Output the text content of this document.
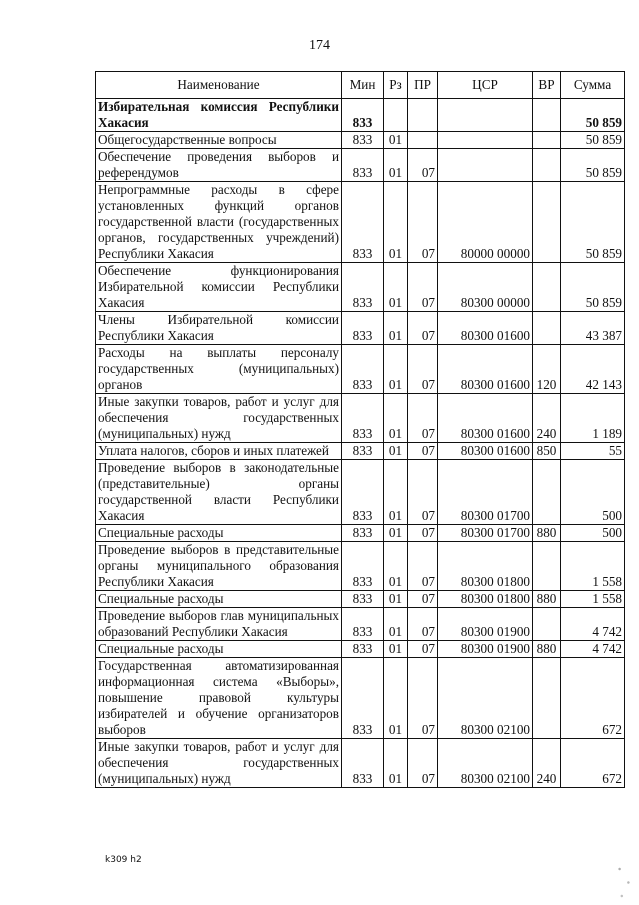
174
Наименование	Мин	Рз	ПР	ЦСР	ВР	Сумма
Избирательная комиссия Республики Хакасия	833					50 859
Общегосударственные вопросы	833	01				50 859
Обеспечение проведения выборов и референдумов	833	01	07			50 859
Непрограммные расходы в сфере установленных функций органов государственной власти (государственных органов, государственных учреждений) Республики Хакасия	833	01	07	80000 00000		50 859
Обеспечение функционирования Избирательной комиссии Республики Хакасия	833	01	07	80300 00000		50 859
Члены Избирательной комиссии Республики Хакасия	833	01	07	80300 01600		43 387
Расходы на выплаты персоналу государственных (муниципальных) органов	833	01	07	80300 01600	120	42 143
Иные закупки товаров, работ и услуг для обеспечения государственных (муниципальных) нужд	833	01	07	80300 01600	240	1 189
Уплата налогов, сборов и иных платежей	833	01	07	80300 01600	850	55
Проведение выборов в законодательные (представительные) органы государственной власти Республики Хакасия	833	01	07	80300 01700		500
Специальные расходы	833	01	07	80300 01700	880	500
Проведение выборов в представительные органы муниципального образования Республики Хакасия	833	01	07	80300 01800		1 558
Специальные расходы	833	01	07	80300 01800	880	1 558
Проведение выборов глав муниципальных образований Республики Хакасия	833	01	07	80300 01900		4 742
Специальные расходы	833	01	07	80300 01900	880	4 742
Государственная автоматизированная информационная система «Выборы», повышение правовой культуры избирателей и обучение организаторов выборов	833	01	07	80300 02100		672
Иные закупки товаров, работ и услуг для обеспечения государственных (муниципальных) нужд	833	01	07	80300 02100	240	672
k309 h2
